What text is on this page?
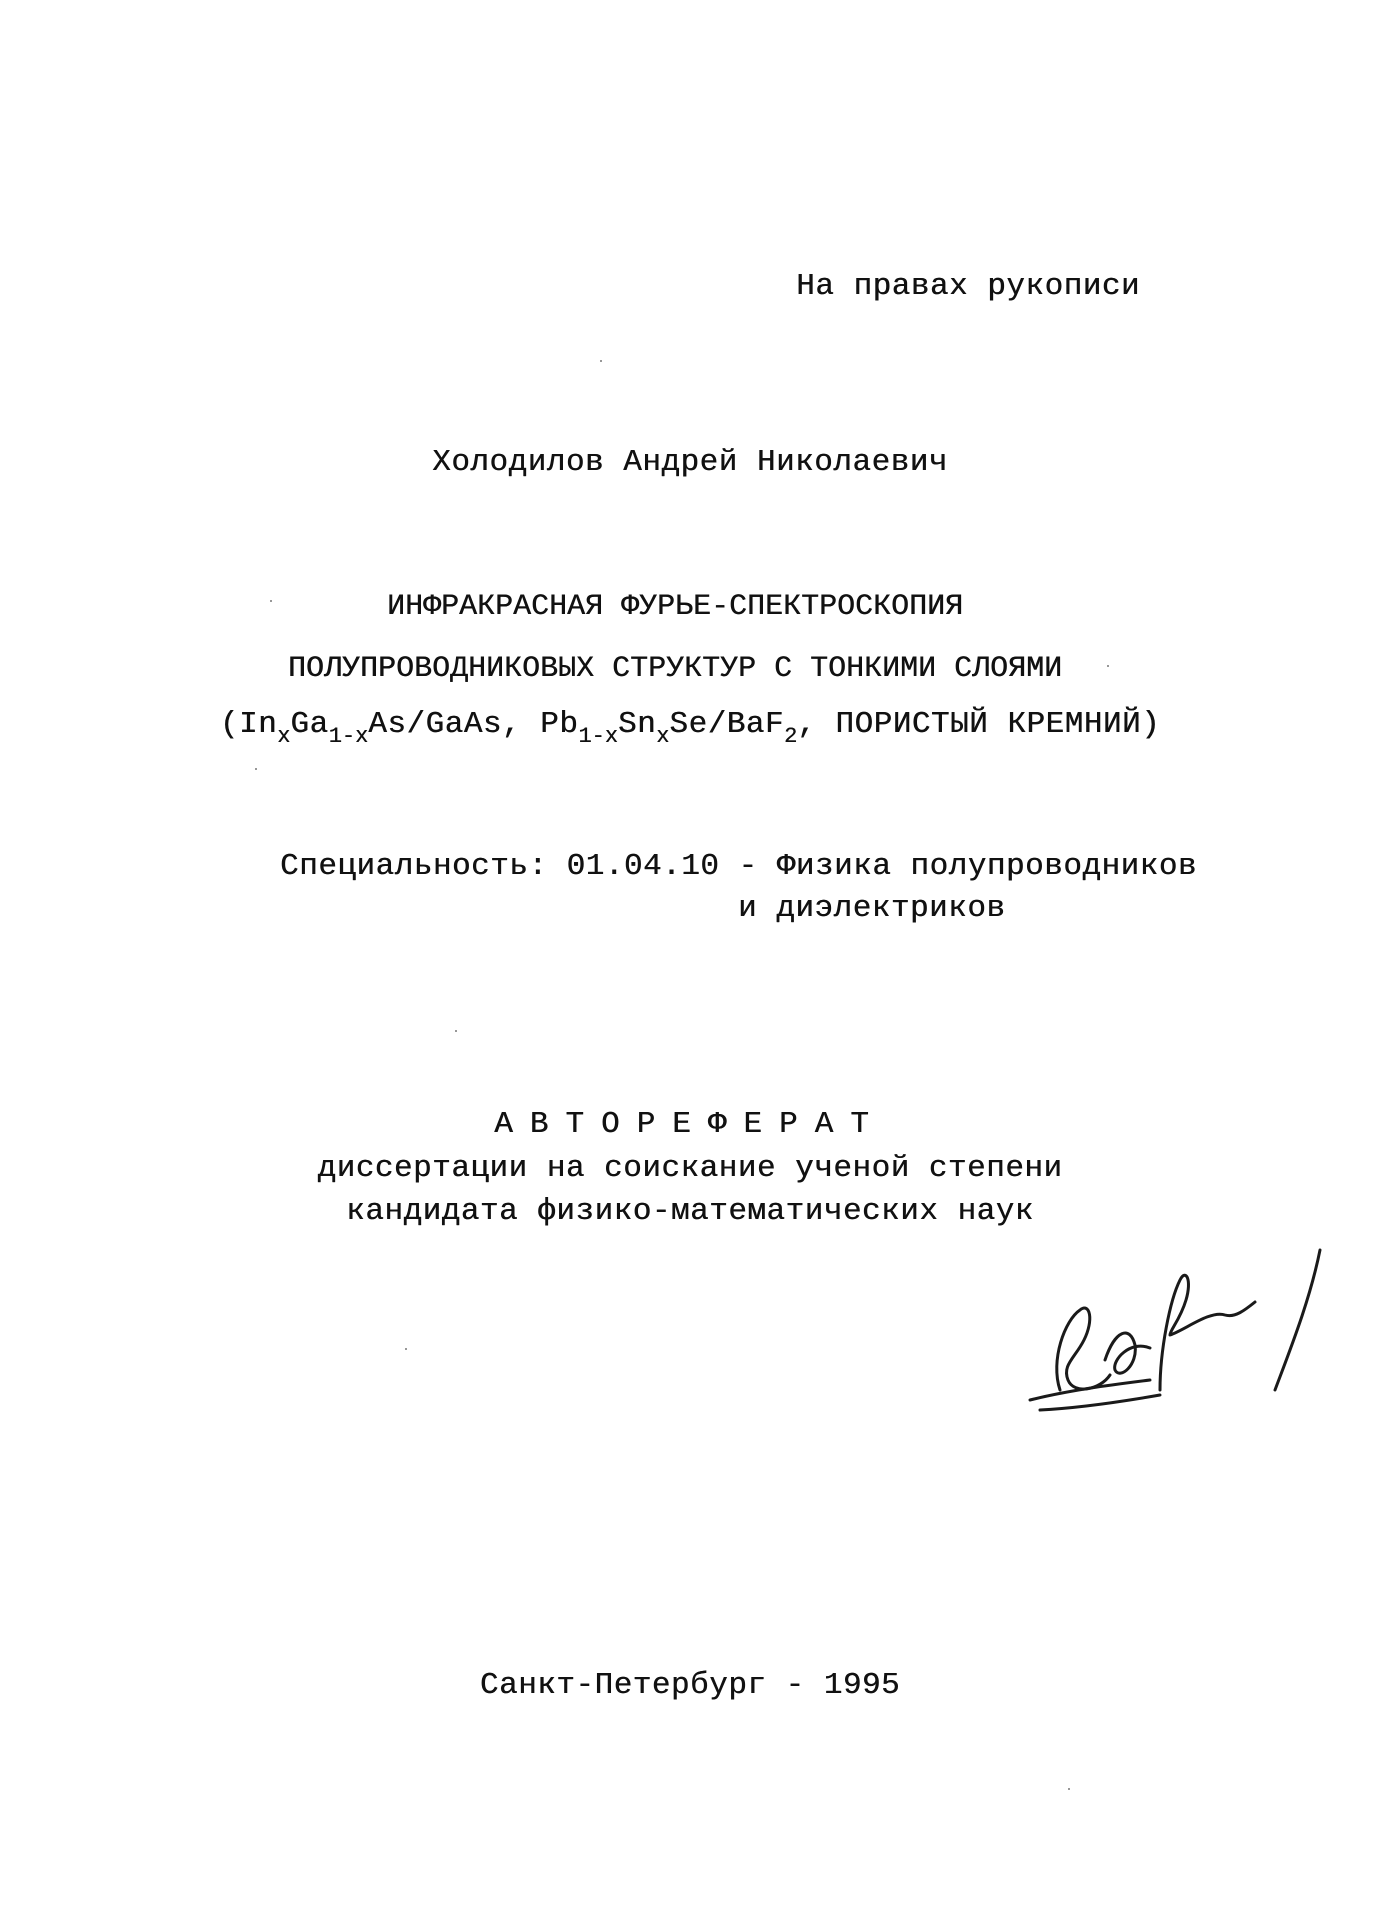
На правах рукописи
Холодилов Андрей Николаевич
ИНФРАКРАСНАЯ ФУРЬЕ-СПЕКТРОСКОПИЯ
ПОЛУПРОВОДНИКОВЫХ СТРУКТУР С ТОНКИМИ СЛОЯМИ
($In_xGa_{1-x}As$/GaAs, $Pb_{1-x}Sn_xSe/BaF_2$, ПОРИСТЫЙ КРЕМНИЙ)
Специальность: 01.04.10 - Физика полупроводников
и диэлектриков
АВТОРЕФЕРАТ
диссертации на соискание ученой степени
кандидата физико-математических наук
Санкт-Петербург - 1995
